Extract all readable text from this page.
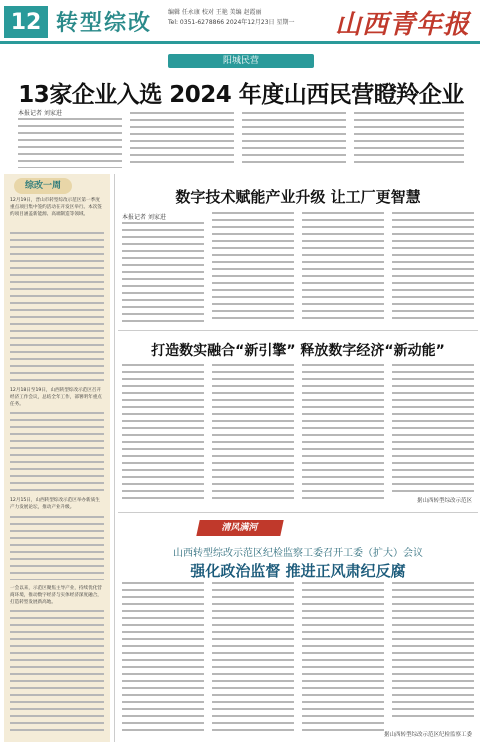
12 转型综改	编辑 任永康 校对 王艳 美编 赵霞丽
Tel: 0351-6278866 2024年12月23日 星期一 山西青年报
阳城民营
13家企业入选 2024 年度山西民营瞪羚企业
本报记者 刘家进
综改一周
12月19日，晋山市转型综改示范区第一季度重点项目集中签约活动在开发区举行。本次签约项目涵盖新能源、高端制造等领域。
12月18日至19日，山西转型综改示范区召开经济工作会议，总结全年工作，部署明年重点任务。
12月15日，山西转型综改示范区举办新质生产力发展论坛，推动产业升级。
一会以来，示范区聚焦主导产业，持续优化营商环境，推动数字经济与实体经济深度融合，打造转型发展新高地。
数字技术赋能产业升级 让工厂更智慧
本报记者 刘家进
打造数实融合“新引擎” 释放数字经济“新动能”
据山西转型综改示范区
清风满河
山西转型综改示范区纪检监察工委召开工委（扩大）会议
强化政治监督 推进正风肃纪反腐
据山西转型综改示范区纪检监察工委
